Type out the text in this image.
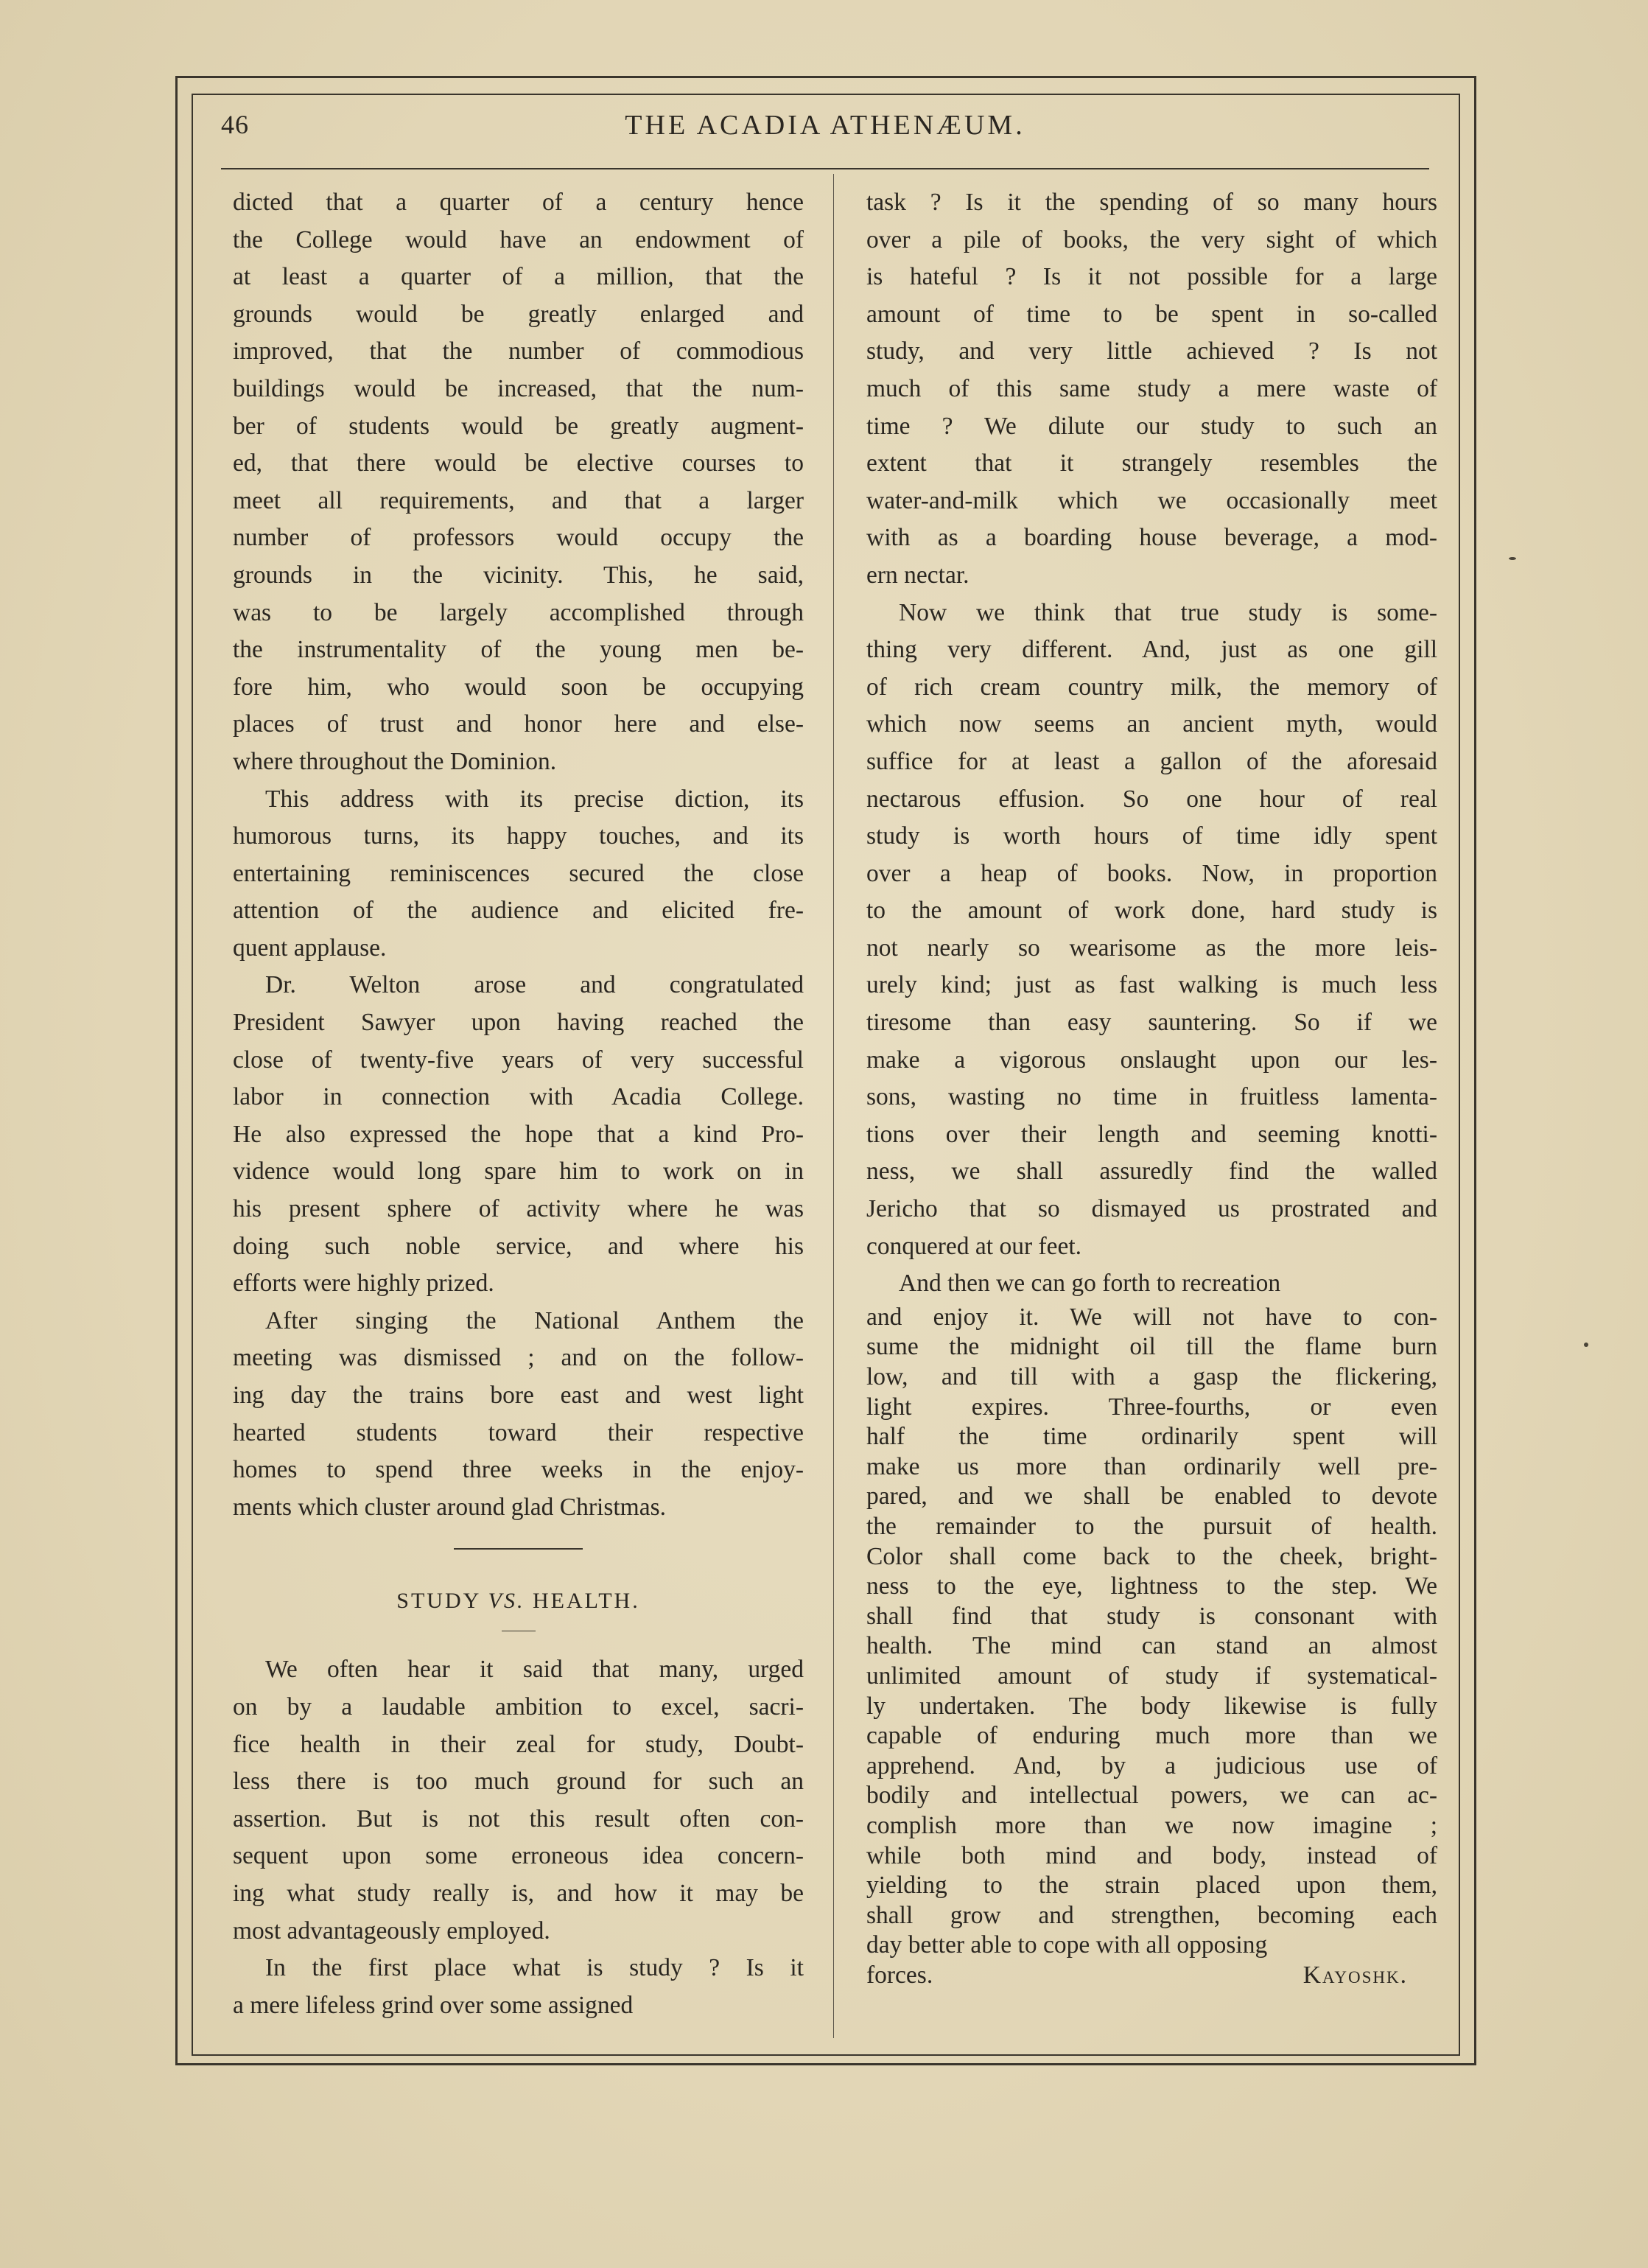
46	THE ACADIA ATHENÆUM.
dicted that a quarter of a century hence
the College would have an endowment of
at least a quarter of a million, that the
grounds would be greatly enlarged and
improved, that the number of commodious
buildings would be increased, that the num-
ber of students would be greatly augment-
ed, that there would be elective courses to
meet all requirements, and that a larger
number of professors would occupy the
grounds in the vicinity. This, he said,
was to be largely accomplished through
the instrumentality of the young men be-
fore him, who would soon be occupying
places of trust and honor here and else-
where throughout the Dominion.
This address with its precise diction, its
humorous turns, its happy touches, and its
entertaining reminiscences secured the close
attention of the audience and elicited fre-
quent applause.
Dr. Welton arose and congratulated
President Sawyer upon having reached the
close of twenty-five years of very successful
labor in connection with Acadia College.
He also expressed the hope that a kind Pro-
vidence would long spare him to work on in
his present sphere of activity where he was
doing such noble service, and where his
efforts were highly prized.
After singing the National Anthem the
meeting was dismissed ; and on the follow-
ing day the trains bore east and west light
hearted students toward their respective
homes to spend three weeks in the enjoy-
ments which cluster around glad Christmas.
STUDY VS. HEALTH.
We often hear it said that many, urged
on by a laudable ambition to excel, sacri-
fice health in their zeal for study, Doubt-
less there is too much ground for such an
assertion. But is not this result often con-
sequent upon some erroneous idea concern-
ing what study really is, and how it may be
most advantageously employed.
In the first place what is study ? Is it
a mere lifeless grind over some assigned
task ? Is it the spending of so many hours
over a pile of books, the very sight of which
is hateful ? Is it not possible for a large
amount of time to be spent in so-called
study, and very little achieved ? Is not
much of this same study a mere waste of
time ? We dilute our study to such an
extent that it strangely resembles the
water-and-milk which we occasionally meet
with as a boarding house beverage, a mod-
ern nectar.
Now we think that true study is some-
thing very different. And, just as one gill
of rich cream country milk, the memory of
which now seems an ancient myth, would
suffice for at least a gallon of the aforesaid
nectarous effusion. So one hour of real
study is worth hours of time idly spent
over a heap of books. Now, in proportion
to the amount of work done, hard study is
not nearly so wearisome as the more leis-
urely kind; just as fast walking is much less
tiresome than easy sauntering. So if we
make a vigorous onslaught upon our les-
sons, wasting no time in fruitless lamenta-
tions over their length and seeming knotti-
ness, we shall assuredly find the walled
Jericho that so dismayed us prostrated and
conquered at our feet.
And then we can go forth to recreation
and enjoy it. We will not have to con-
sume the midnight oil till the flame burn
low, and till with a gasp the flickering,
light expires. Three-fourths, or even
half the time ordinarily spent will
make us more than ordinarily well pre-
pared, and we shall be enabled to devote
the remainder to the pursuit of health.
Color shall come back to the cheek, bright-
ness to the eye, lightness to the step. We
shall find that study is consonant with
health. The mind can stand an almost
unlimited amount of study if systematical-
ly undertaken. The body likewise is fully
capable of enduring much more than we
apprehend. And, by a judicious use of
bodily and intellectual powers, we can ac-
complish more than we now imagine ;
while both mind and body, instead of
yielding to the strain placed upon them,
shall grow and strengthen, becoming each
day better able to cope with all opposing
forces.	Kayoshk.
